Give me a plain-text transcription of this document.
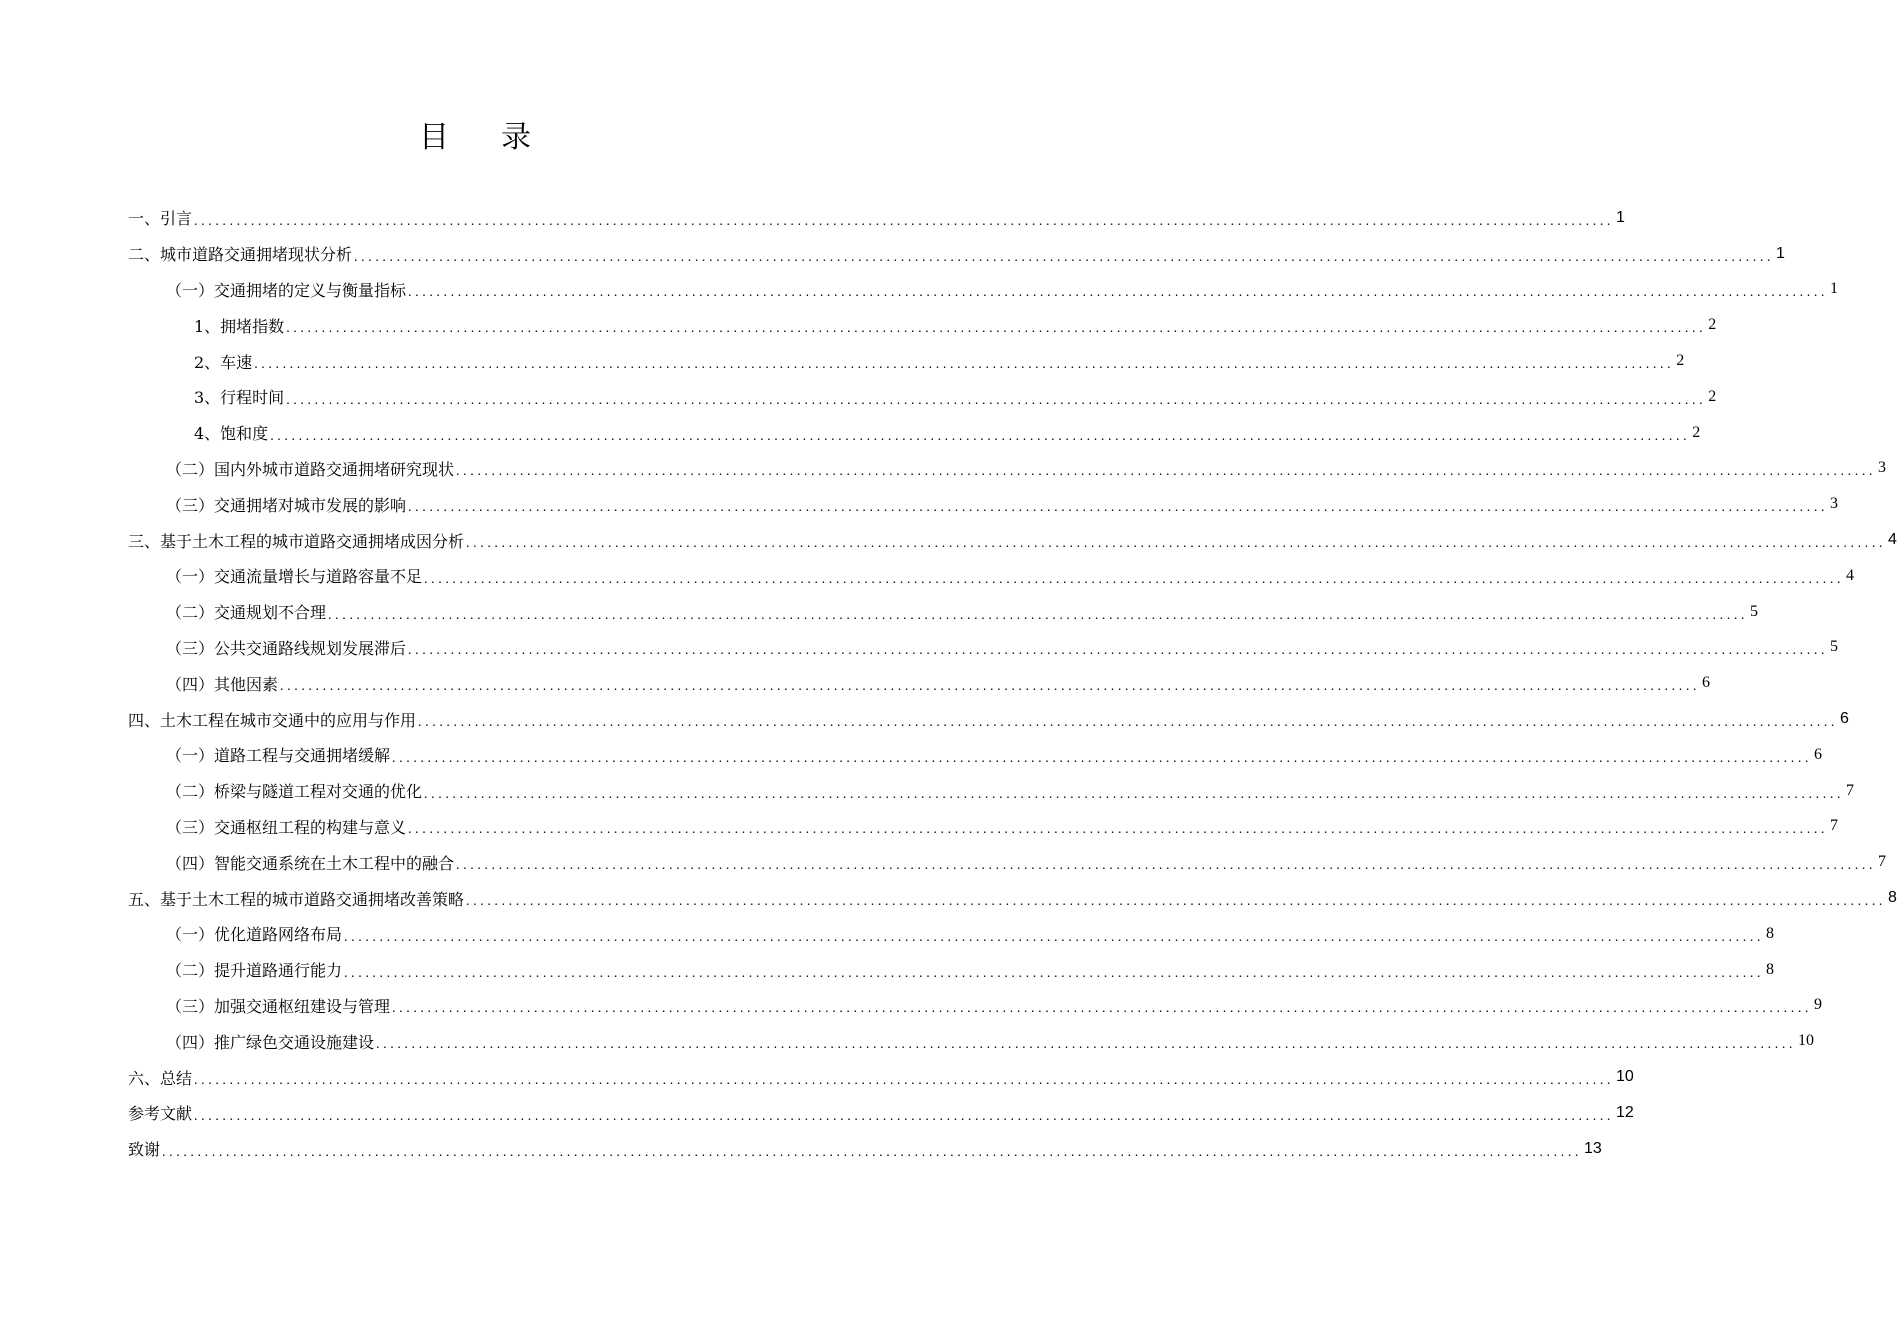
目 录
一、引言 ........................................................................................................................................................................................................ 1
二、城市道路交通拥堵现状分析 ........................................................................................................................................................................................................ 1
（一）交通拥堵的定义与衡量指标 ........................................................................................................................................................................................................ 1
1、拥堵指数 ........................................................................................................................................................................................................ 2
2、车速 ........................................................................................................................................................................................................ 2
3、行程时间 ........................................................................................................................................................................................................ 2
4、饱和度 ........................................................................................................................................................................................................ 2
（二）国内外城市道路交通拥堵研究现状 ........................................................................................................................................................................................................ 3
（三）交通拥堵对城市发展的影响 ........................................................................................................................................................................................................ 3
三、基于土木工程的城市道路交通拥堵成因分析 ........................................................................................................................................................................................................ 4
（一）交通流量增长与道路容量不足 ........................................................................................................................................................................................................ 4
（二）交通规划不合理 ........................................................................................................................................................................................................ 5
（三）公共交通路线规划发展滞后 ........................................................................................................................................................................................................ 5
（四）其他因素 ........................................................................................................................................................................................................ 6
四、土木工程在城市交通中的应用与作用 ........................................................................................................................................................................................................ 6
（一）道路工程与交通拥堵缓解 ........................................................................................................................................................................................................ 6
（二）桥梁与隧道工程对交通的优化 ........................................................................................................................................................................................................ 7
（三）交通枢纽工程的构建与意义 ........................................................................................................................................................................................................ 7
（四）智能交通系统在土木工程中的融合 ........................................................................................................................................................................................................ 7
五、基于土木工程的城市道路交通拥堵改善策略 ........................................................................................................................................................................................................ 8
（一）优化道路网络布局 ........................................................................................................................................................................................................ 8
（二）提升道路通行能力 ........................................................................................................................................................................................................ 8
（三）加强交通枢纽建设与管理 ........................................................................................................................................................................................................ 9
（四）推广绿色交通设施建设 ........................................................................................................................................................................................................ 10
六、总结 ........................................................................................................................................................................................................ 10
参考文献 ........................................................................................................................................................................................................ 12
致谢 ........................................................................................................................................................................................................ 13
